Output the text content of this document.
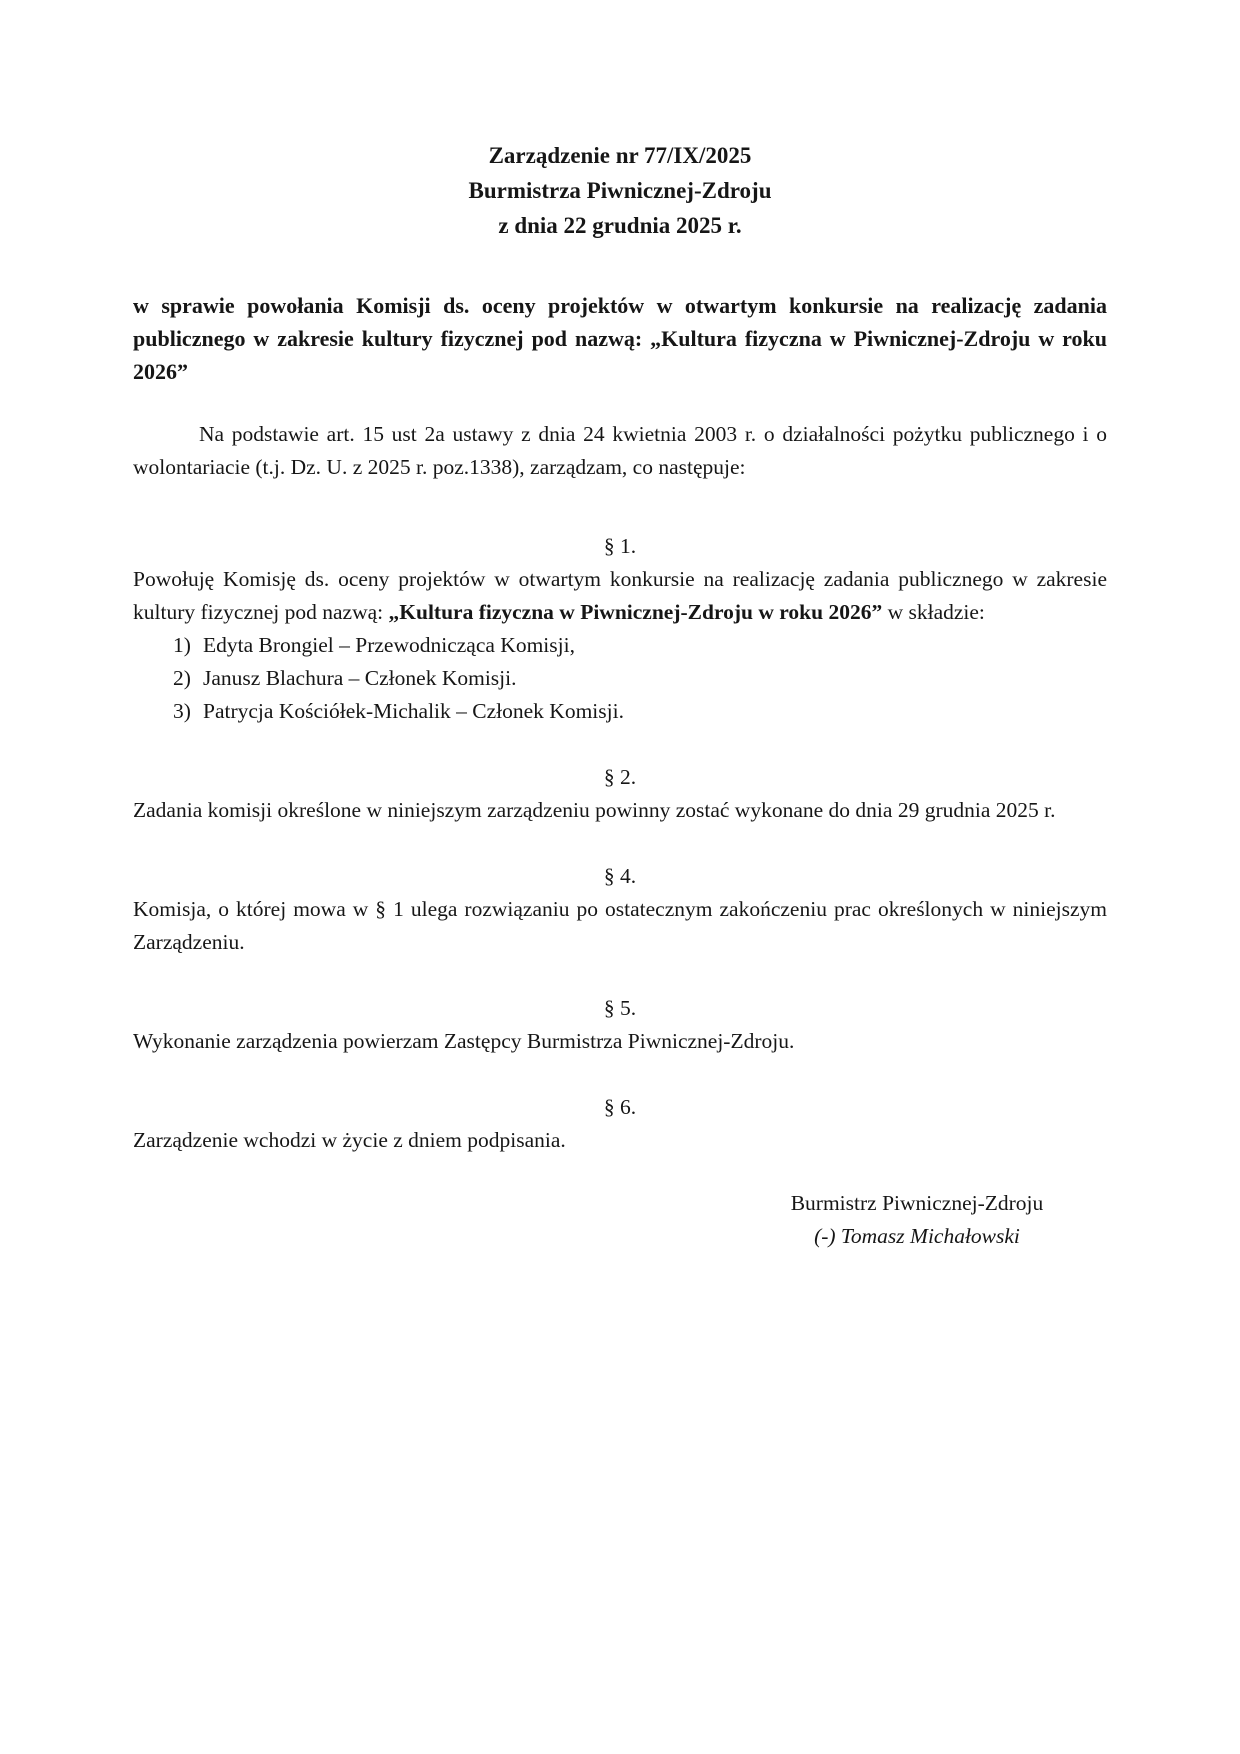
Zarządzenie nr 77/IX/2025
Burmistrza Piwnicznej-Zdroju
z dnia 22 grudnia 2025 r.

w sprawie powołania Komisji ds. oceny projektów w otwartym konkursie na realizację zadania publicznego w zakresie kultury fizycznej pod nazwą: „Kultura fizyczna w Piwnicznej-Zdroju w roku 2026”

Na podstawie art. 15 ust 2a ustawy z dnia 24 kwietnia 2003 r. o działalności pożytku publicznego i o wolontariacie (t.j. Dz. U. z 2025 r. poz.1338), zarządzam, co następuje:

§ 1.

Powołuję Komisję ds. oceny projektów w otwartym konkursie na realizację zadania publicznego w zakresie kultury fizycznej pod nazwą: „Kultura fizyczna w Piwnicznej-Zdroju w roku 2026” w składzie:

1) Edyta Brongiel – Przewodnicząca Komisji,
2) Janusz Blachura – Członek Komisji.
3) Patrycja Kościółek-Michalik – Członek Komisji.
§ 2.

Zadania komisji określone w niniejszym zarządzeniu powinny zostać wykonane do dnia 29 grudnia 2025 r.

§ 4.

Komisja, o której mowa w § 1 ulega rozwiązaniu po ostatecznym zakończeniu prac określonych w niniejszym Zarządzeniu.

§ 5.

Wykonanie zarządzenia powierzam Zastępcy Burmistrza Piwnicznej-Zdroju.

§ 6.

Zarządzenie wchodzi w życie z dniem podpisania.

Burmistrz Piwnicznej-Zdroju
(-) Tomasz Michałowski
